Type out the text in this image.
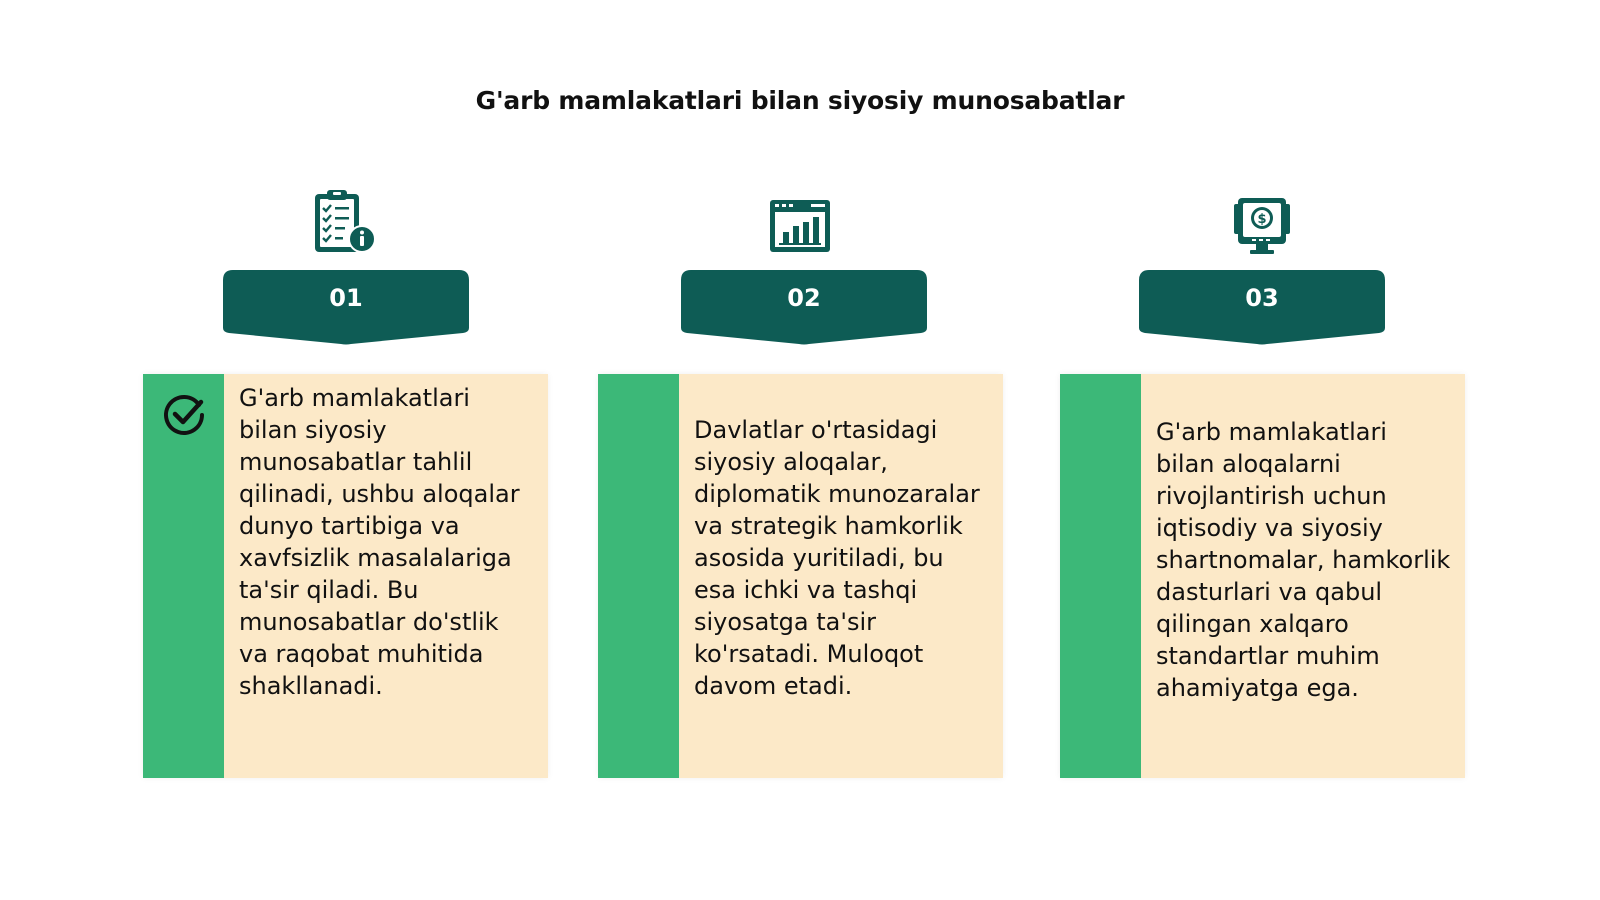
G'arb mamlakatlari bilan siyosiy munosabatlar
$
01	02	03
G'arb mamlakatlari bilan siyosiy munosabatlar tahlil qilinadi, ushbu aloqalar dunyo tartibiga va xavfsizlik masalalariga ta'sir qiladi. Bu munosabatlar do'stlik va raqobat muhitida shakllanadi.
Davlatlar o'rtasidagi siyosiy aloqalar, diplomatik munozaralar va strategik hamkorlik asosida yuritiladi, bu esa ichki va tashqi siyosatga ta'sir ko'rsatadi. Muloqot davom etadi.
G'arb mamlakatlari bilan aloqalarni rivojlantirish uchun iqtisodiy va siyosiy shartnomalar, hamkorlik dasturlari va qabul qilingan xalqaro standartlar muhim ahamiyatga ega.
